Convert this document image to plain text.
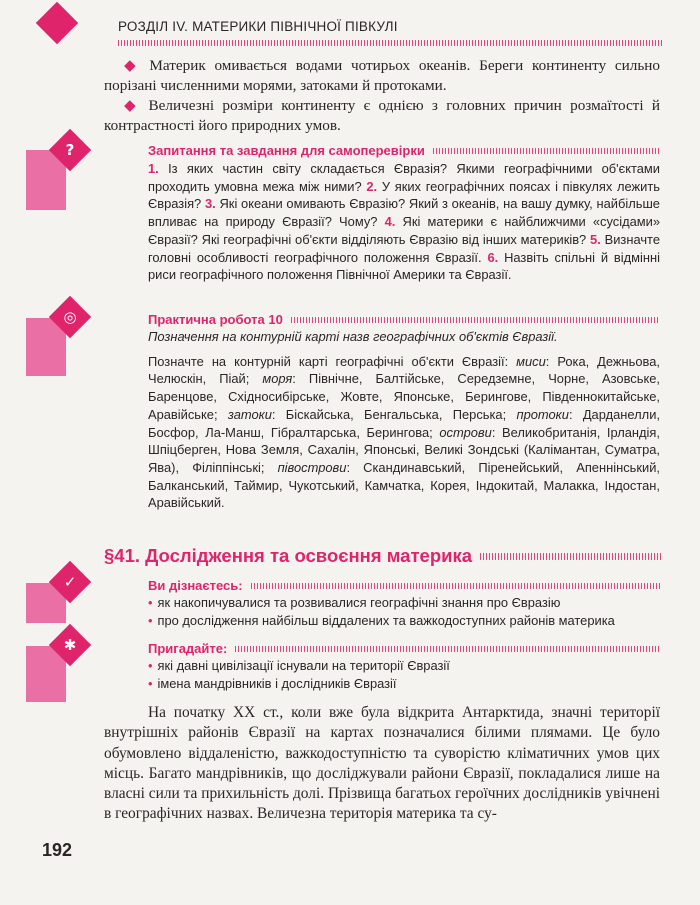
?
◎
✓
✱
РОЗДІЛ IV. МАТЕРИКИ ПІВНІЧНОЇ ПІВКУЛІ

◆ Материк омивається водами чотирьох океанів. Береги континенту сильно порізані численними морями, затоками й протоками.

◆ Величезні розміри континенту є однією з головних причин розмаїтості й контрастності його природних умов.

Запитання та завдання для самоперевірки
1. Із яких частин світу складається Євразія? Якими географічними об'єктами проходить умовна межа між ними? 2. У яких географічних поясах і півкулях лежить Євразія? 3. Які океани омивають Євразію? Який з океанів, на вашу думку, найбільше впливає на природу Євразії? Чому? 4. Які материки є найближчими «сусідами» Євразії? Які географічні об'єкти відділяють Євразію від інших материків? 5. Визначте головні особливості географічного положення Євразії. 6. Назвіть спільні й відмінні риси географічного положення Північної Америки та Євразії.
Практична робота 10
Позначення на контурній карті назв географічних об'єктів Євразії.
Позначте на контурній карті географічні об'єкти Євразії: миси: Рока, Дежньова, Челюскін, Піай; моря: Північне, Балтійське, Середземне, Чорне, Азовське, Баренцове, Східносибірське, Жовте, Японське, Берингове, Південнокитайське, Аравійське; затоки: Біскайська, Бенгальська, Перська; протоки: Дарданелли, Босфор, Ла-Манш, Гібралтарська, Берингова; острови: Великобританія, Ірландія, Шпіцберген, Нова Земля, Сахалін, Японські, Великі Зондські (Калімантан, Суматра, Ява), Філіппінські; півострови: Скандинавський, Піренейський, Апеннінський, Балканський, Таймир, Чукотський, Камчатка, Корея, Індокитай, Малакка, Індостан, Аравійський.
§41. Дослідження та освоєння материка
Ви дізнаєтесь:
• як накопичувалися та розвивалися географічні знання про Євразію
• про дослідження найбільш віддалених та важкодоступних районів материка
Пригадайте:
• які давні цивілізації існували на території Євразії
• імена мандрівників і дослідників Євразії
На початку XX ст., коли вже була відкрита Антарктида, значні території внутрішніх районів Євразії на картах позначалися білими плямами. Це було обумовлено віддаленістю, важкодоступністю та суворістю кліматичних умов цих місць. Багато мандрівників, що досліджували райони Євразії, покладалися лише на власні сили та прихильність долі. Прізвища багатьох героїчних дослідників увічнені в географічних назвах. Величезна територія материка та су-
192
